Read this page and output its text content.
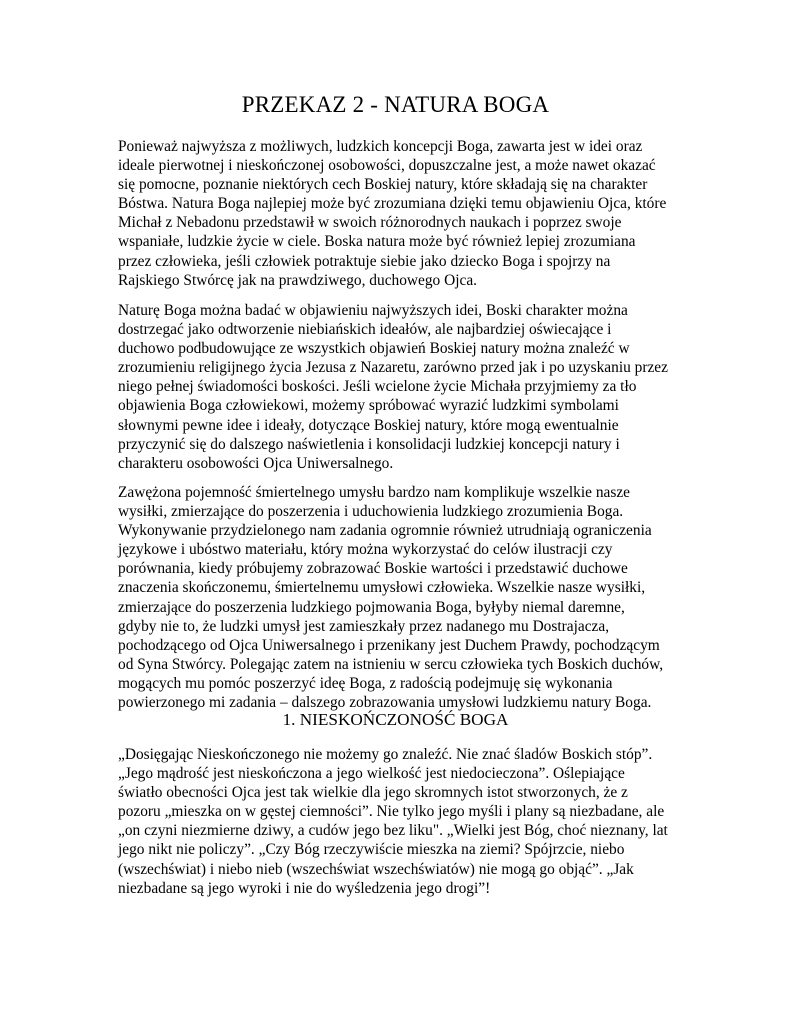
PRZEKAZ 2 - NATURA BOGA
Ponieważ najwyższa z możliwych, ludzkich koncepcji Boga, zawarta jest w idei oraz
ideale pierwotnej i nieskończonej osobowości, dopuszczalne jest, a może nawet okazać
się pomocne, poznanie niektórych cech Boskiej natury, które składają się na charakter
Bóstwa. Natura Boga najlepiej może być zrozumiana dzięki temu objawieniu Ojca, które
Michał z Nebadonu przedstawił w swoich różnorodnych naukach i poprzez swoje
wspaniałe, ludzkie życie w ciele. Boska natura może być również lepiej zrozumiana
przez człowieka, jeśli człowiek potraktuje siebie jako dziecko Boga i spojrzy na
Rajskiego Stwórcę jak na prawdziwego, duchowego Ojca.
Naturę Boga można badać w objawieniu najwyższych idei, Boski charakter można
dostrzegać jako odtworzenie niebiańskich ideałów, ale najbardziej oświecające i
duchowo podbudowujące ze wszystkich objawień Boskiej natury można znaleźć w
zrozumieniu religijnego życia Jezusa z Nazaretu, zarówno przed jak i po uzyskaniu przez
niego pełnej świadomości boskości. Jeśli wcielone życie Michała przyjmiemy za tło
objawienia Boga człowiekowi, możemy spróbować wyrazić ludzkimi symbolami
słownymi pewne idee i ideały, dotyczące Boskiej natury, które mogą ewentualnie
przyczynić się do dalszego naświetlenia i konsolidacji ludzkiej koncepcji natury i
charakteru osobowości Ojca Uniwersalnego.
Zawężona pojemność śmiertelnego umysłu bardzo nam komplikuje wszelkie nasze
wysiłki, zmierzające do poszerzenia i uduchowienia ludzkiego zrozumienia Boga.
Wykonywanie przydzielonego nam zadania ogromnie również utrudniają ograniczenia
językowe i ubóstwo materiału, który można wykorzystać do celów ilustracji czy
porównania, kiedy próbujemy zobrazować Boskie wartości i przedstawić duchowe
znaczenia skończonemu, śmiertelnemu umysłowi człowieka. Wszelkie nasze wysiłki,
zmierzające do poszerzenia ludzkiego pojmowania Boga, byłyby niemal daremne,
gdyby nie to, że ludzki umysł jest zamieszkały przez nadanego mu Dostrajacza,
pochodzącego od Ojca Uniwersalnego i przenikany jest Duchem Prawdy, pochodzącym
od Syna Stwórcy. Polegając zatem na istnieniu w sercu człowieka tych Boskich duchów,
mogących mu pomóc poszerzyć ideę Boga, z radością podejmuję się wykonania
powierzonego mi zadania – dalszego zobrazowania umysłowi ludzkiemu natury Boga.
1. NIESKOŃCZONOŚĆ BOGA
„Dosięgając Nieskończonego nie możemy go znaleźć. Nie znać śladów Boskich stóp”.
„Jego mądrość jest nieskończona a jego wielkość jest niedocieczona”. Oślepiające
światło obecności Ojca jest tak wielkie dla jego skromnych istot stworzonych, że z
pozoru „mieszka on w gęstej ciemności”. Nie tylko jego myśli i plany są niezbadane, ale
„on czyni niezmierne dziwy, a cudów jego bez liku". „Wielki jest Bóg, choć nieznany, lat
jego nikt nie policzy”. „Czy Bóg rzeczywiście mieszka na ziemi? Spójrzcie, niebo
(wszechświat) i niebo nieb (wszechświat wszechświatów) nie mogą go objąć”. „Jak
niezbadane są jego wyroki i nie do wyśledzenia jego drogi”!
